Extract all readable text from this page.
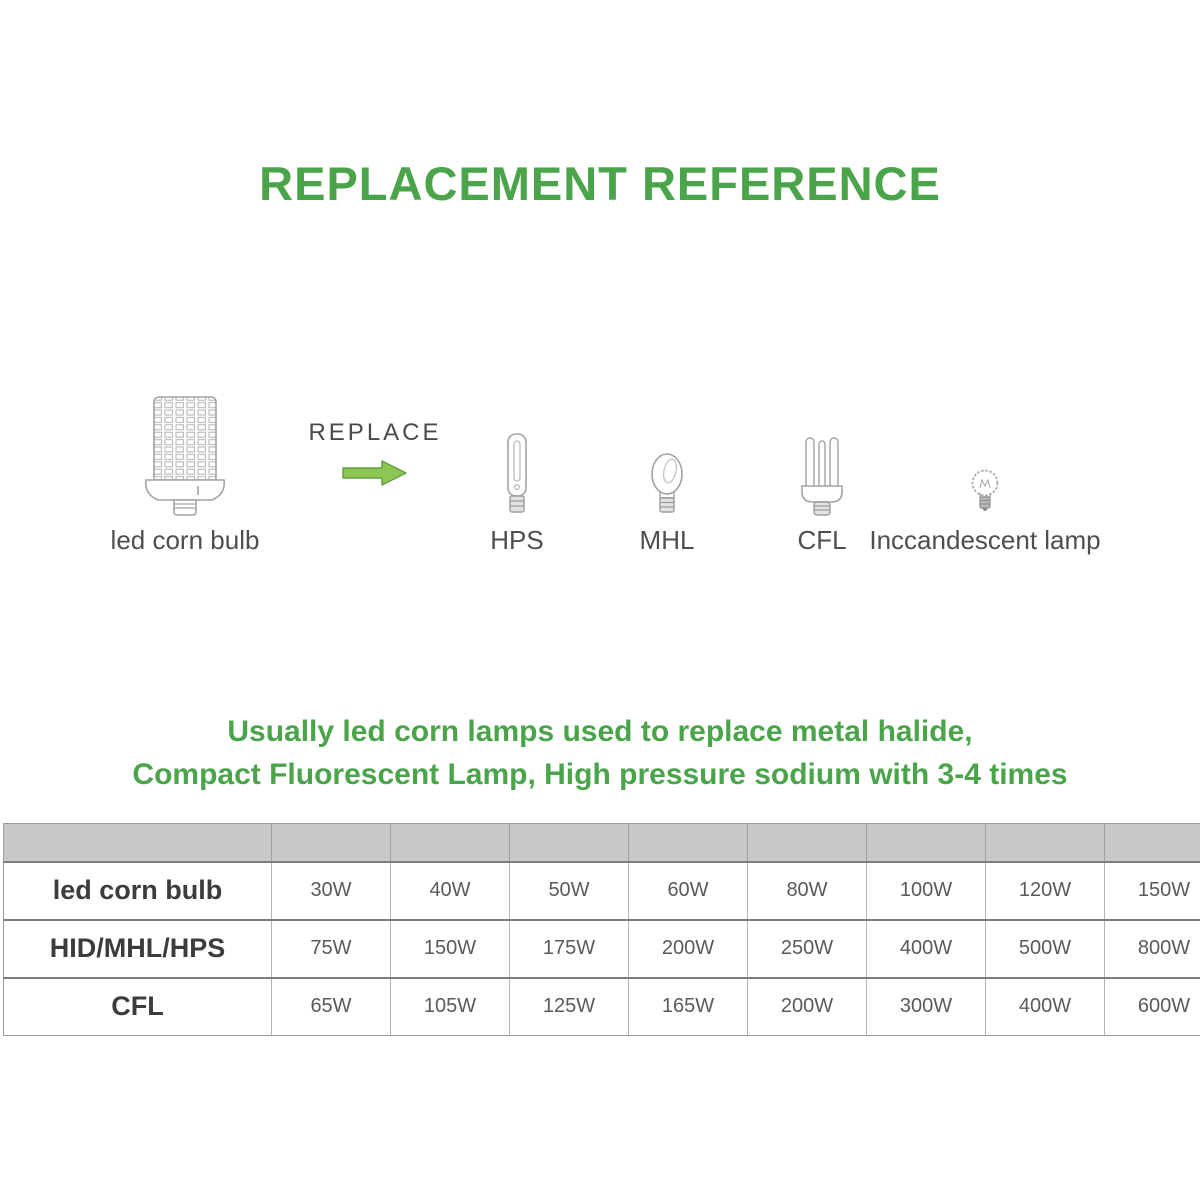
REPLACEMENT REFERENCE
led corn bulb
REPLACE
HPS	MHL	CFL Inccandescent lamp
Usually led corn lamps used to replace metal halide,
Compact Fluorescent Lamp, High pressure sodium with 3-4 times

led corn bulb	30W	40W	50W	60W	80W	100W	120W	150W
HID/MHL/HPS	75W	150W	175W	200W	250W	400W	500W	800W
CFL	65W	105W	125W	165W	200W	300W	400W	600W
